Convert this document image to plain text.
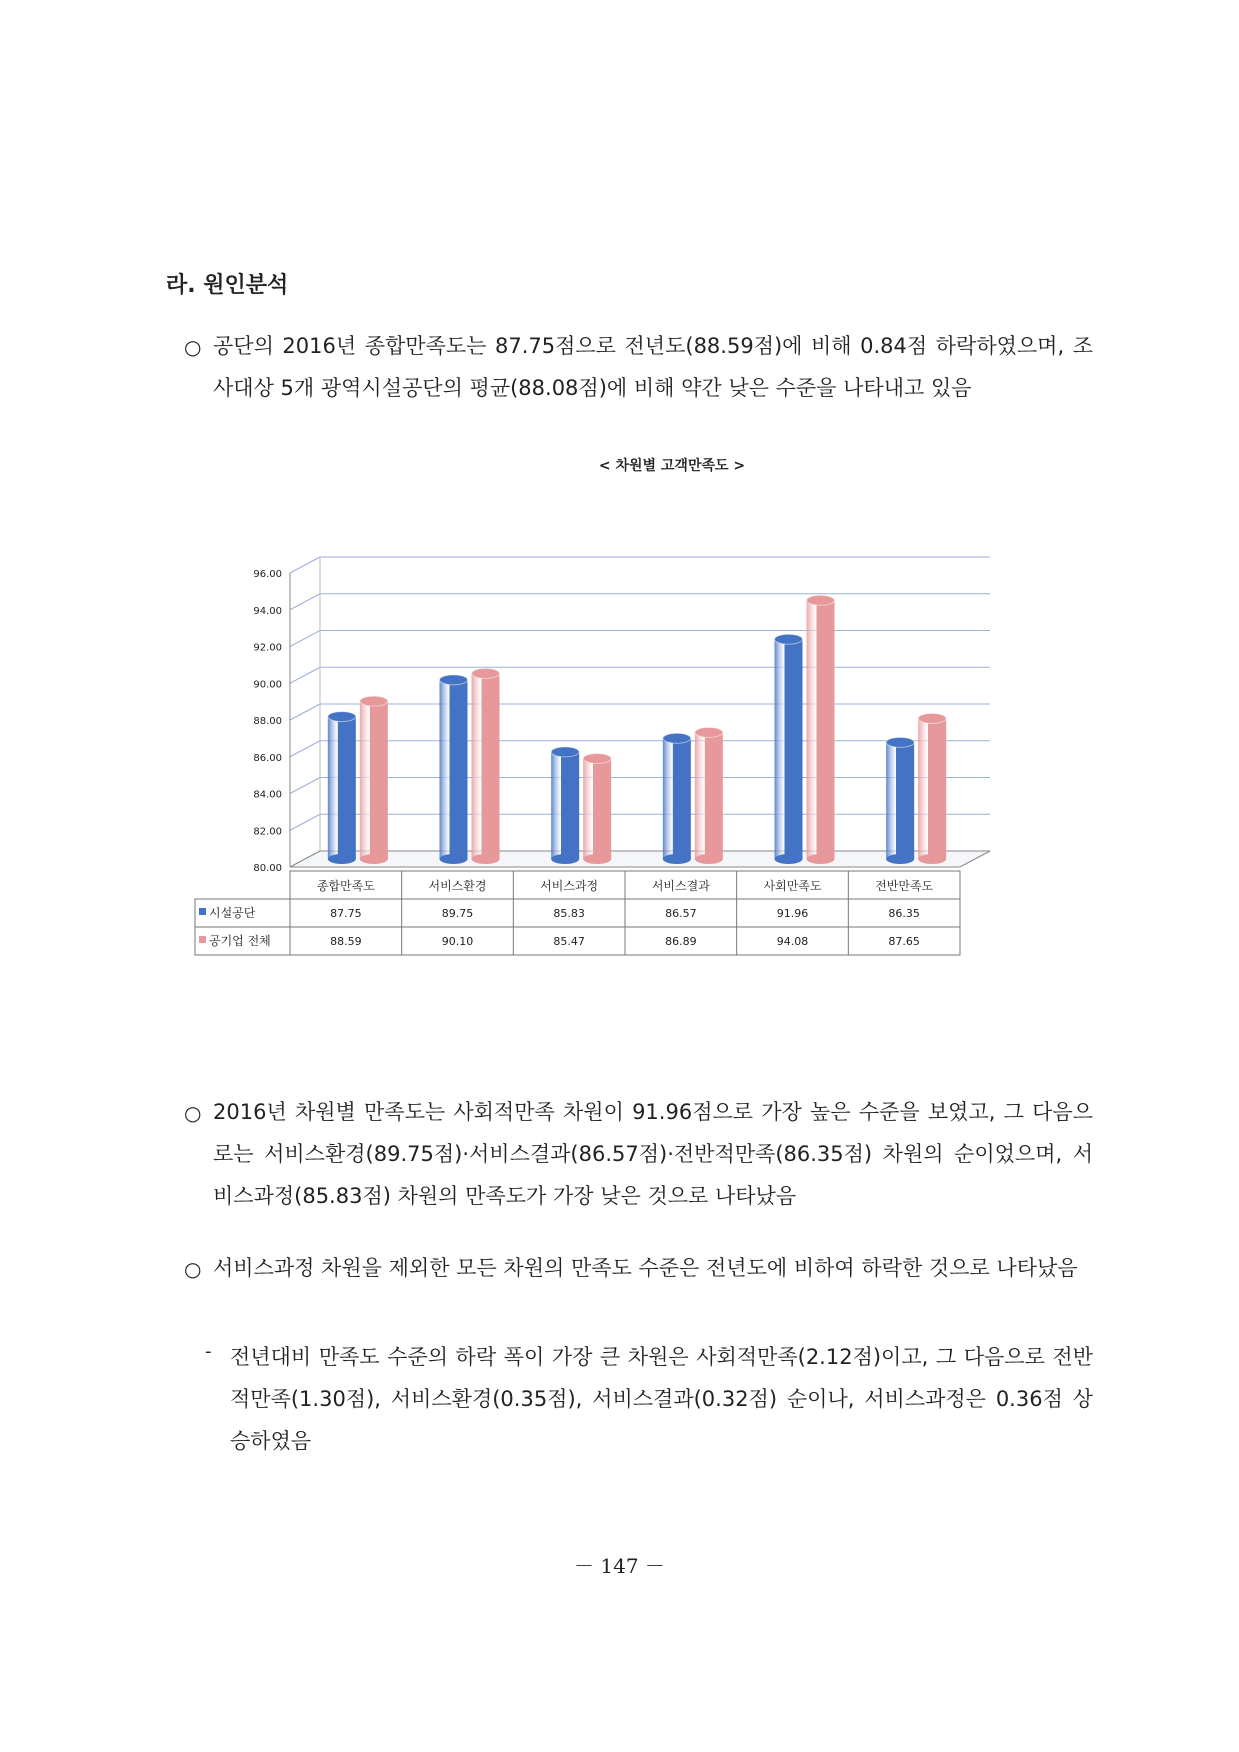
라. 원인분석
○ 공단의 2016년 종합만족도는 87.75점으로 전년도(88.59점)에 비해 0.84점 하락하였으며, 조사대상 5개 광역시설공단의 평균(88.08점)에 비해 약간 낮은 수준을 나타내고 있음
< 차원별 고객만족도 >
80.00
82.00
84.00
86.00
88.00
90.00
92.00
94.00
96.00
종합만족도	서비스환경	서비스과정	서비스결과	사회만족도	전반만족도
시설공단	87.75	89.75	85.83	86.57	91.96	86.35
공기업 전체	88.59	90.10	85.47	86.89	94.08	87.65
○ 2016년 차원별 만족도는 사회적만족 차원이 91.96점으로 가장 높은 수준을 보였고, 그 다음으로는 서비스환경(89.75점)·서비스결과(86.57점)·전반적만족(86.35점) 차원의 순이었으며, 서비스과정(85.83점) 차원의 만족도가 가장 낮은 것으로 나타났음
○ 서비스과정 차원을 제외한 모든 차원의 만족도 수준은 전년도에 비하여 하락한 것으로 나타났음
- 전년대비 만족도 수준의 하락 폭이 가장 큰 차원은 사회적만족(2.12점)이고, 그 다음으로 전반적만족(1.30점), 서비스환경(0.35점), 서비스결과(0.32점) 순이나, 서비스과정은 0.36점 상승하였음
－ 147 －
